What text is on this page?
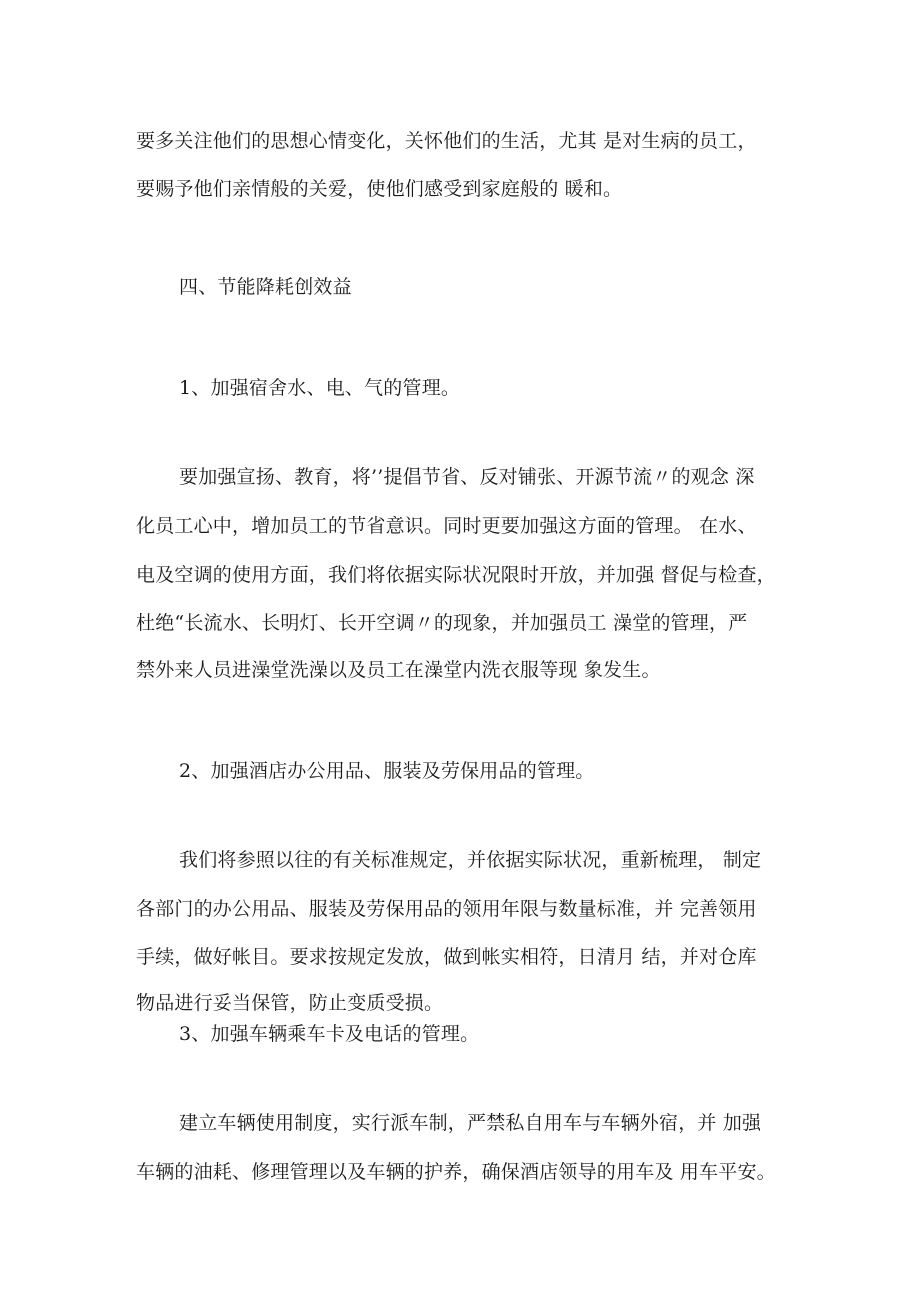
要多关注他们的思想心情变化，关怀他们的生活，尤其 是对生病的员工，
要赐予他们亲情般的关爱，使他们感受到家庭般的 暖和。
四、节能降耗创效益
1、加强宿舍水、电、气的管理。
要加强宣扬、教育，将’’提倡节省、反对铺张、开源节流〃的观念 深
化员工心中，增加员工的节省意识。同时更要加强这方面的管理。 在水、
电及空调的使用方面，我们将依据实际状况限时开放，并加强 督促与检查，
杜绝“长流水、长明灯、长开空调〃的现象，并加强员工 澡堂的管理，严
禁外来人员进澡堂洗澡以及员工在澡堂内洗衣服等现 象发生。
2、加强酒店办公用品、服装及劳保用品的管理。
我们将参照以往的有关标准规定，并依据实际状况，重新梳理， 制定
各部门的办公用品、服装及劳保用品的领用年限与数量标准，并 完善领用
手续，做好帐目。要求按规定发放，做到帐实相符，日清月 结，并对仓库
物品进行妥当保管，防止变质受损。
3、加强车辆乘车卡及电话的管理。
建立车辆使用制度，实行派车制，严禁私自用车与车辆外宿，并 加强
车辆的油耗、修理管理以及车辆的护养，确保酒店领导的用车及 用车平安。
